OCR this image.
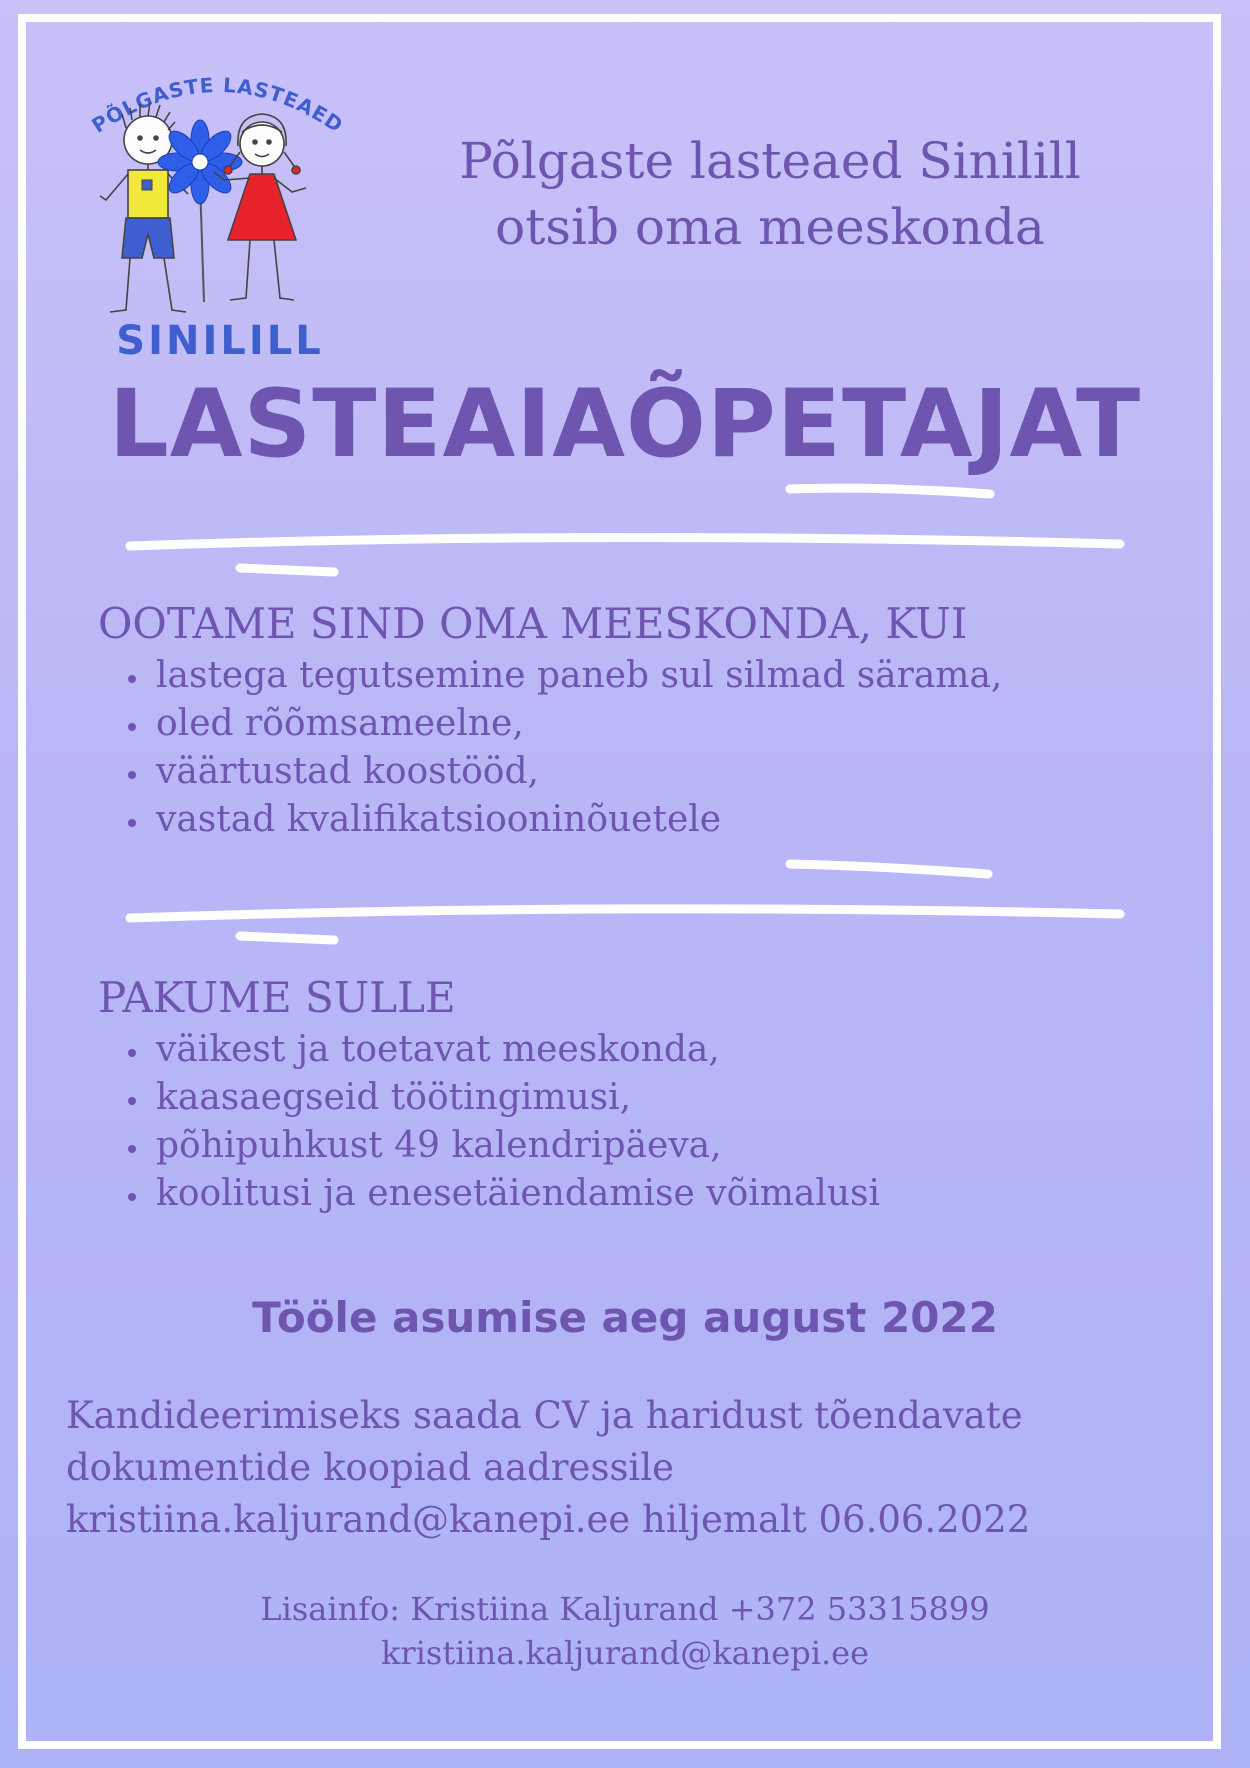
PÕLGASTE LASTEAED
SINILILL
Põlgaste lasteaed Sinilill
otsib oma meeskonda
LASTEAIAÕPETAJAT
OOTAME SIND OMA MEESKONDA, KUI
lastega tegutsemine paneb sul silmad särama,
oled rõõmsameelne,
väärtustad koostööd,
vastad kvalifikatsiooninõuetele
PAKUME SULLE
väikest ja toetavat meeskonda,
kaasaegseid töötingimusi,
põhipuhkust 49 kalendripäeva,
koolitusi ja enesetäiendamise võimalusi
Tööle asumise aeg august 2022
Kandideerimiseks saada CV ja haridust tõendavate
dokumentide koopiad aadressile
kristiina.kaljurand@kanepi.ee hiljemalt 06.06.2022
Lisainfo: Kristiina Kaljurand +372 53315899
kristiina.kaljurand@kanepi.ee
